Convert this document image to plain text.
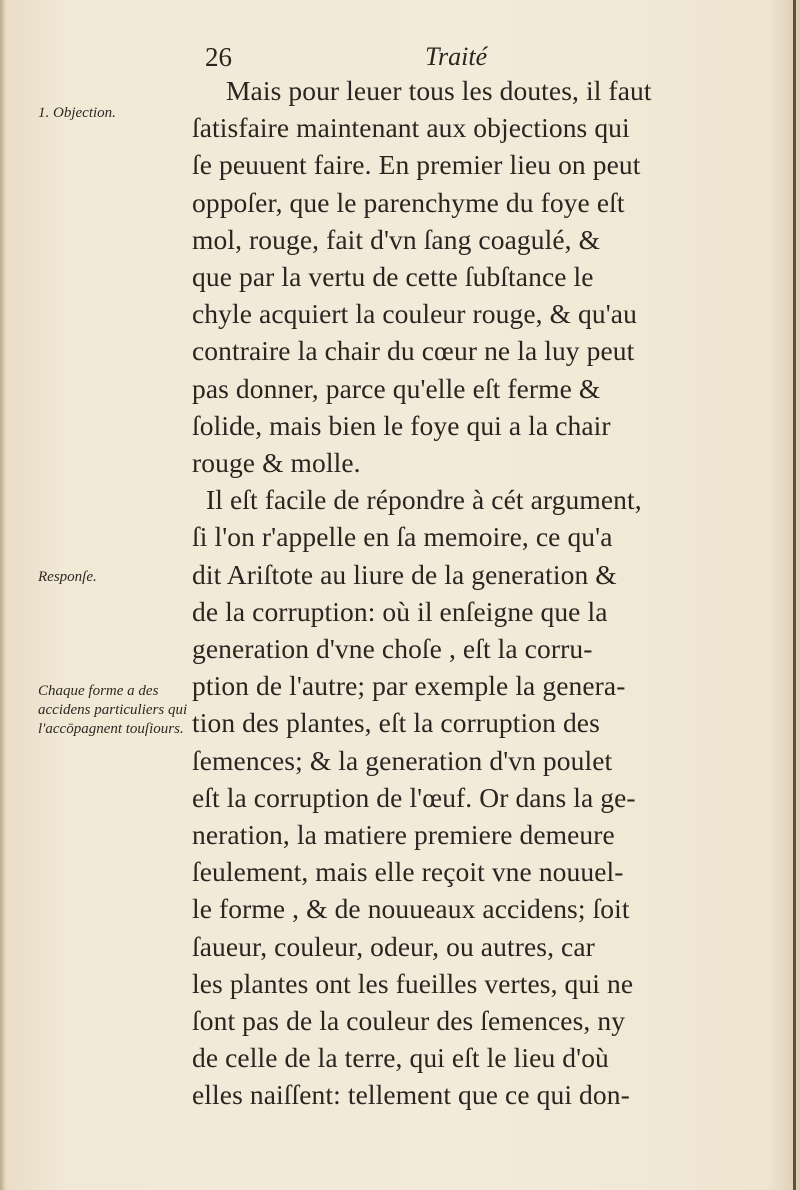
26	Traité
1. Objection.
Responſe.
Chaque forme a des accidens particuliers qui l'accōpagnent touſiours.
Mais pour leuer tous les doutes, il faut
ſatisfaire maintenant aux objections qui
ſe peuuent faire. En premier lieu on peut
oppoſer, que le parenchyme du foye eſt
mol, rouge, fait d'vn ſang coagulé, &
que par la vertu de cette ſubſtance le
chyle acquiert la couleur rouge, & qu'au
contraire la chair du cœur ne la luy peut
pas donner, parce qu'elle eſt ferme &
ſolide, mais bien le foye qui a la chair
rouge & molle.
Il eſt facile de répondre à cét argument,
ſi l'on r'appelle en ſa memoire, ce qu'a
dit Ariſtote au liure de la generation &
de la corruption: où il enſeigne que la
generation d'vne choſe , eſt la corru-
ption de l'autre; par exemple la genera-
tion des plantes, eſt la corruption des
ſemences; & la generation d'vn poulet
eſt la corruption de l'œuf. Or dans la ge-
neration, la matiere premiere demeure
ſeulement, mais elle reçoit vne nouuel-
le forme , & de nouueaux accidens; ſoit
ſaueur, couleur, odeur, ou autres, car
les plantes ont les fueilles vertes, qui ne
ſont pas de la couleur des ſemences, ny
de celle de la terre, qui eſt le lieu d'où
elles naiſſent: tellement que ce qui don-
